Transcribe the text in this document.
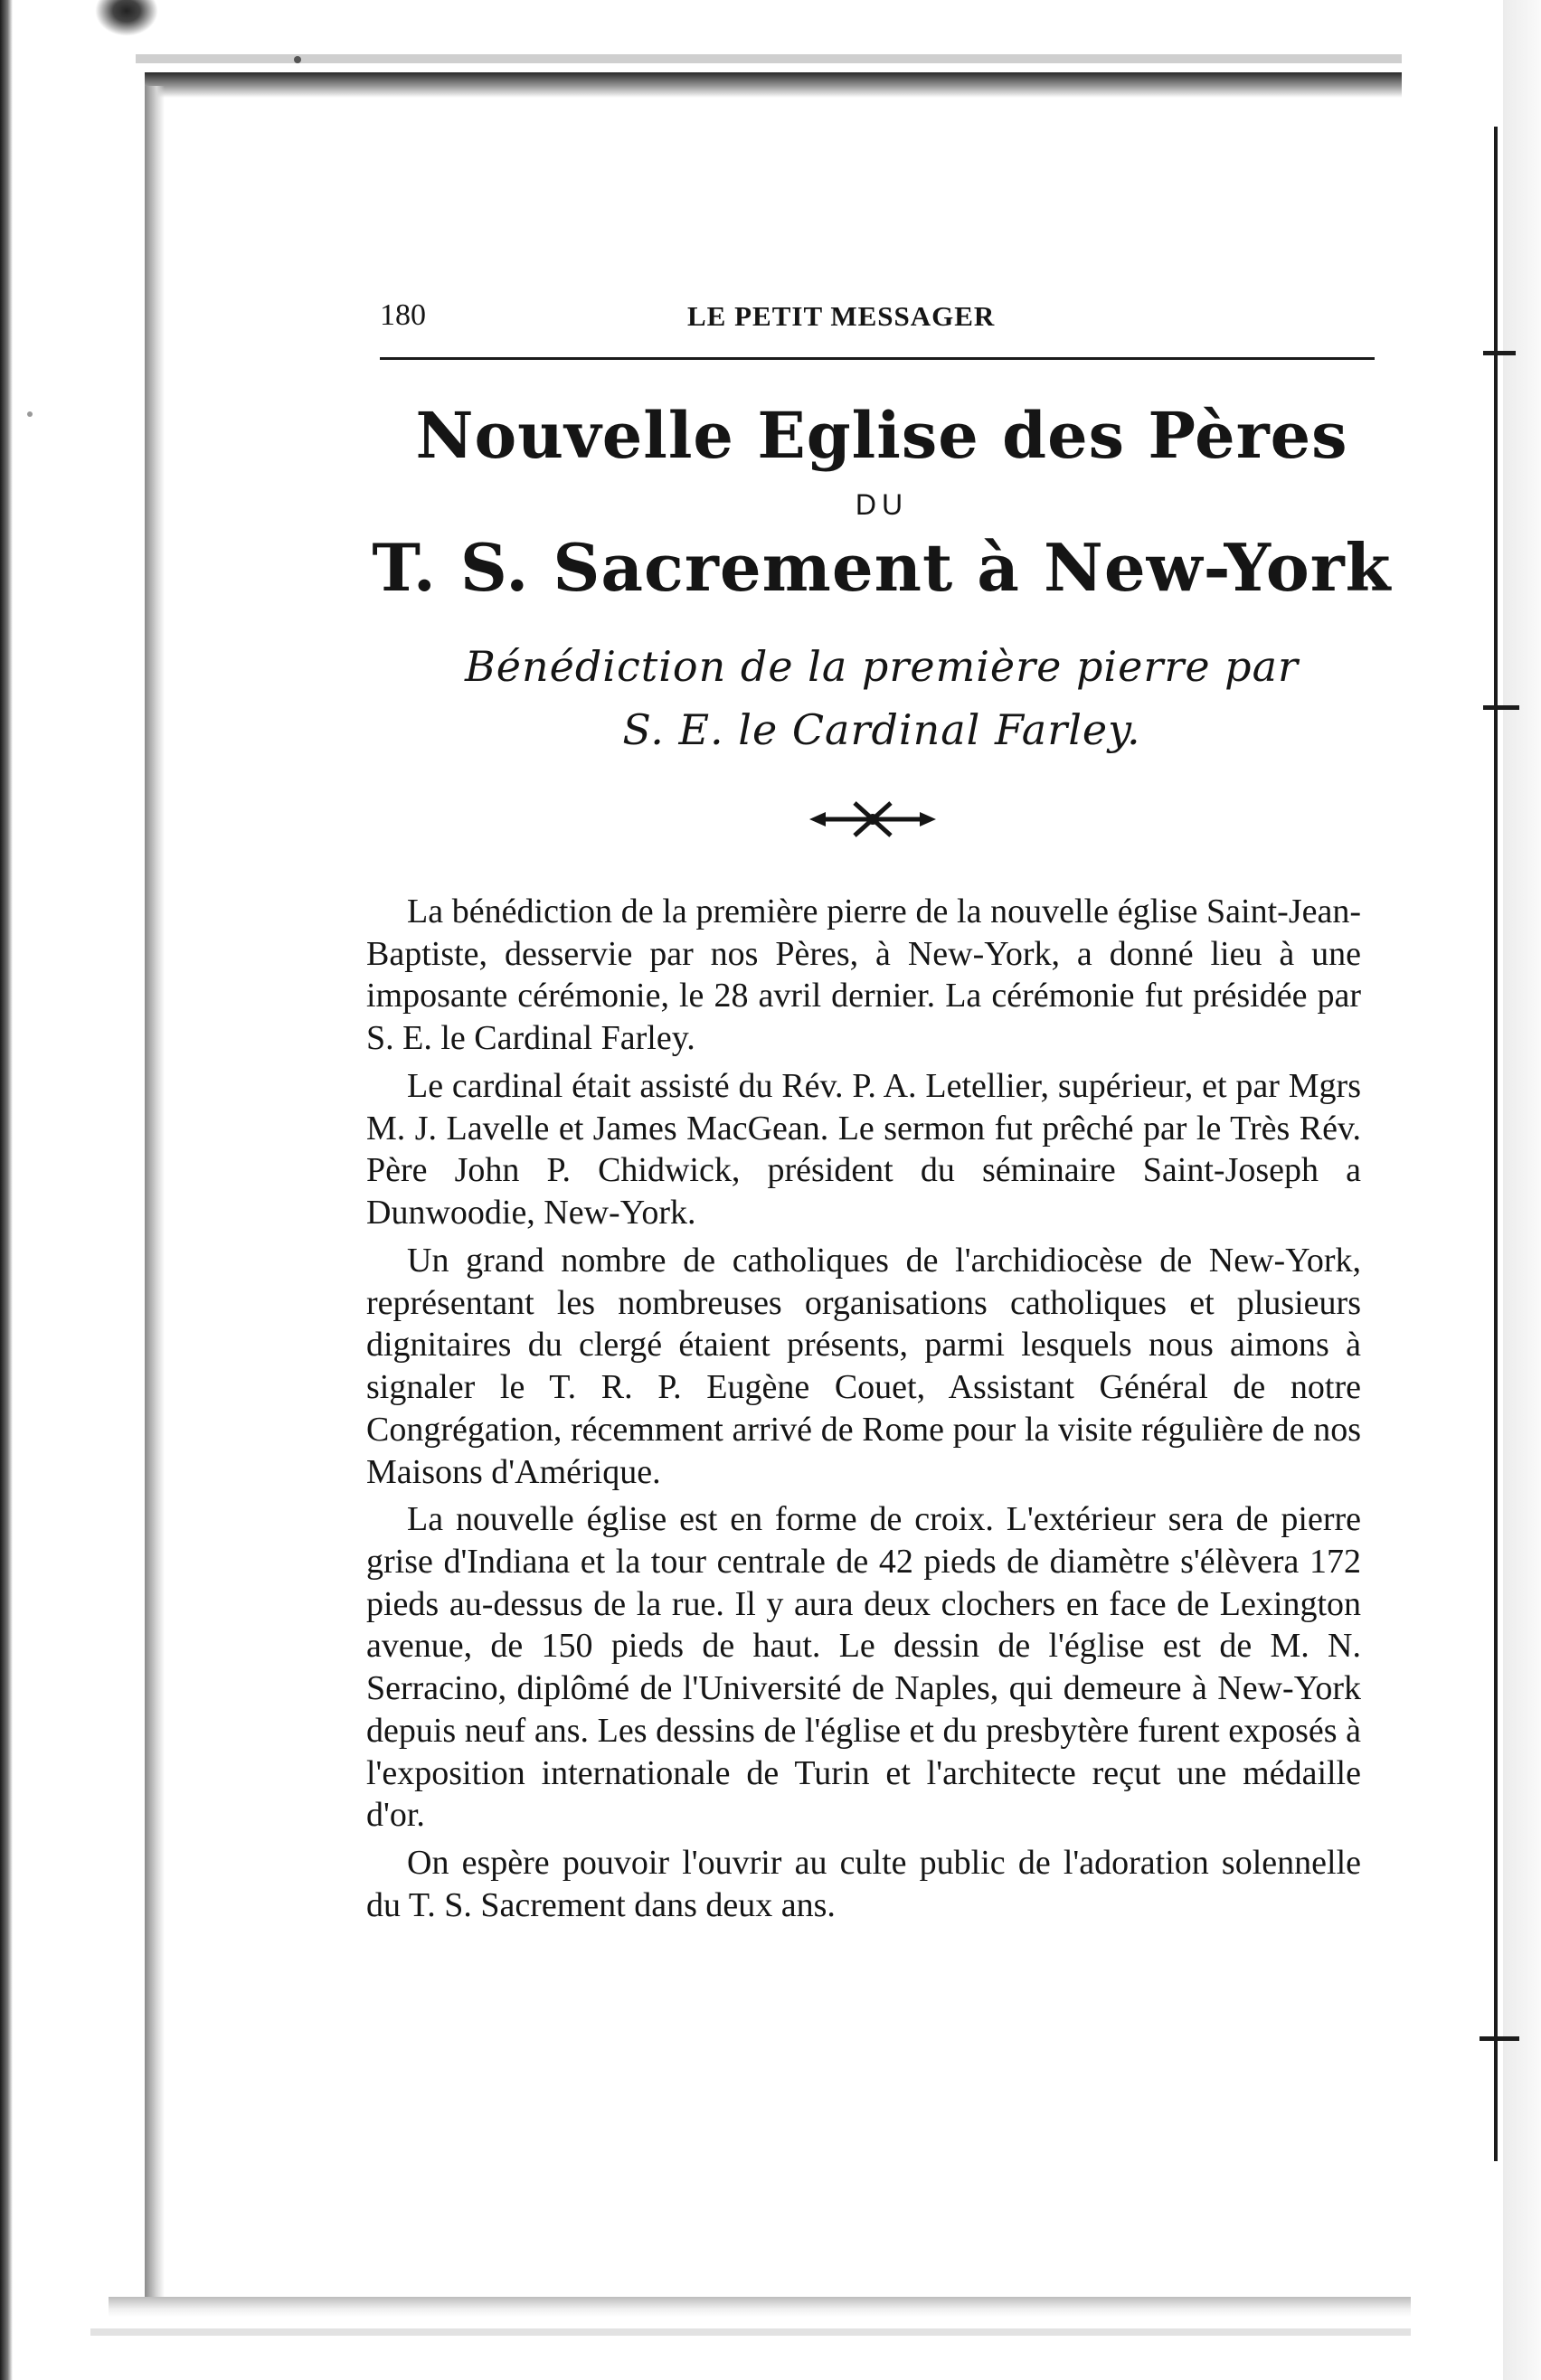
180	LE PETIT MESSAGER
Nouvelle Eglise des Pères
DU
T. S. Sacrement à New-York
Bénédiction de la première pierre par
S. E. le Cardinal Farley.

La bénédiction de la première pierre de la nouvelle église Saint-Jean-Baptiste, desservie par nos Pères, à New-York, a donné lieu à une imposante cérémonie, le 28 avril dernier. La cérémonie fut présidée par S. E. le Cardinal Farley.

Le cardinal était assisté du Rév. P. A. Letellier, supérieur, et par Mgrs M. J. Lavelle et James MacGean. Le sermon fut prêché par le Très Rév. Père John P. Chidwick, président du séminaire Saint-Joseph a Dunwoodie, New-York.

Un grand nombre de catholiques de l'archidiocèse de New-York, représentant les nombreuses organisations catholiques et plusieurs dignitaires du clergé étaient présents, parmi lesquels nous aimons à signaler le T. R. P. Eugène Couet, Assistant Général de notre Congrégation, récemment arrivé de Rome pour la visite régulière de nos Maisons d'Amérique.

La nouvelle église est en forme de croix. L'extérieur sera de pierre grise d'Indiana et la tour centrale de 42 pieds de diamètre s'élèvera 172 pieds au-dessus de la rue. Il y aura deux clochers en face de Lexington avenue, de 150 pieds de haut. Le dessin de l'église est de M. N. Serracino, diplômé de l'Université de Naples, qui demeure à New-York depuis neuf ans. Les dessins de l'église et du presbytère furent exposés à l'exposition internationale de Turin et l'architecte reçut une médaille d'or.

On espère pouvoir l'ouvrir au culte public de l'adoration solennelle du T. S. Sacrement dans deux ans.
